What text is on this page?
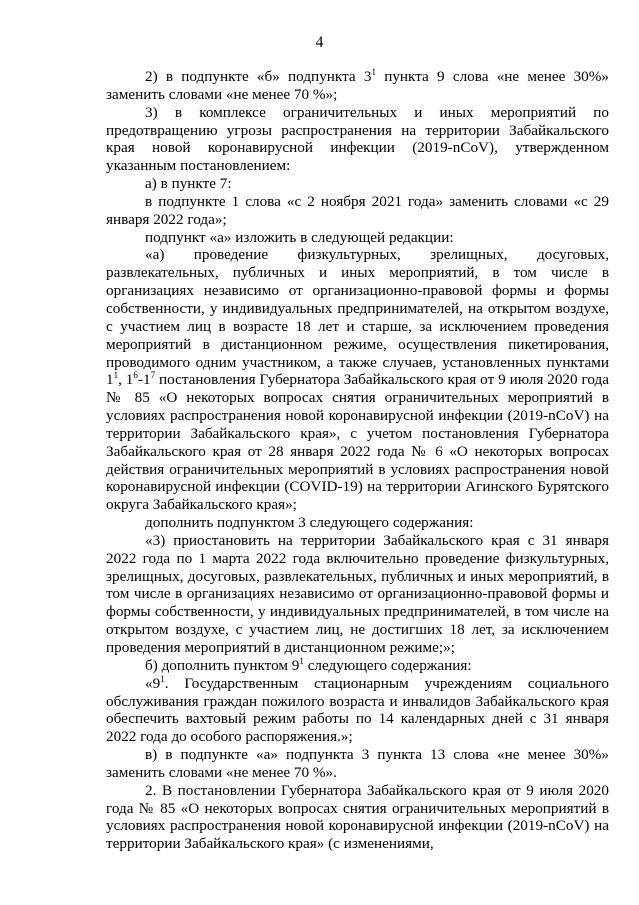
4

2) в подпункте «б» подпункта $3^1$ пункта 9 слова «не менее 30%» заменить словами «не менее 70 %»;

3) в комплексе ограничительных и иных мероприятий по предотвращению угрозы распространения на территории Забайкальского края новой коронавирусной инфекции (2019-nCoV), утвержденном указанным постановлением:

а) в пункте 7:

в подпункте 1 слова «с 2 ноября 2021 года» заменить словами «с 29 января 2022 года»;

подпункт «а» изложить в следующей редакции:

«а) проведение физкультурных, зрелищных, досуговых, развлекательных, публичных и иных мероприятий, в том числе в организациях независимо от организационно-правовой формы и формы собственности, у индивидуальных предпринимателей, на открытом воздухе, с участием лиц в возрасте 18 лет и старше, за исключением проведения мероприятий в дистанционном режиме, осуществления пикетирования, проводимого одним участником, а также случаев, установленных пунктами $1^1$, $1^6-1^7$ постановления Губернатора Забайкальского края от 9 июля 2020 года № 85 «О некоторых вопросах снятия ограничительных мероприятий в условиях распространения новой коронавирусной инфекции (2019-nCoV) на территории Забайкальского края», с учетом постановления Губернатора Забайкальского края от 28 января 2022 года № 6 «О некоторых вопросах действия ограничительных мероприятий в условиях распространения новой коронавирусной инфекции (COVID-19) на территории Агинского Бурятского округа Забайкальского края»;

дополнить подпунктом 3 следующего содержания:

«3) приостановить на территории Забайкальского края с 31 января 2022 года по 1 марта 2022 года включительно проведение физкультурных, зрелищных, досуговых, развлекательных, публичных и иных мероприятий, в том числе в организациях независимо от организационно-правовой формы и формы собственности, у индивидуальных предпринимателей, в том числе на открытом воздухе, с участием лиц, не достигших 18 лет, за исключением проведения мероприятий в дистанционном режиме;»;

б) дополнить пунктом $9^1$ следующего содержания:

«$9^1$. Государственным стационарным учреждениям социального обслуживания граждан пожилого возраста и инвалидов Забайкальского края обеспечить вахтовый режим работы по 14 календарных дней с 31 января 2022 года до особого распоряжения.»;

в) в подпункте «а» подпункта 3 пункта 13 слова «не менее 30%» заменить словами «не менее 70 %».

2. В постановлении Губернатора Забайкальского края от 9 июля 2020 года № 85 «О некоторых вопросах снятия ограничительных мероприятий в условиях распространения новой коронавирусной инфекции (2019-nCoV) на территории Забайкальского края» (с изменениями,
